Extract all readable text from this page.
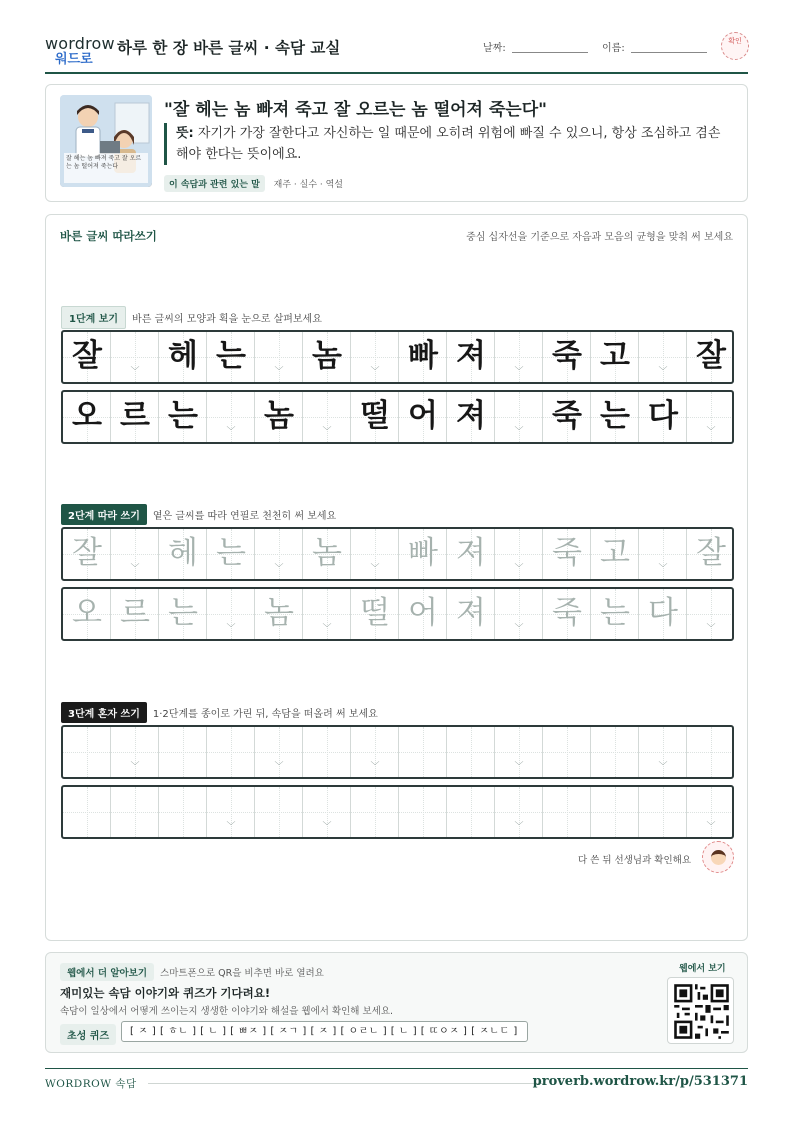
wordrow
워드로
하루 한 장 바른 글씨 · 속담 교실	날짜:	이름:
확인
잘 헤는 놈 빠져 죽고 잘 오르는 놈 떨어져 죽는다
"잘 헤는 놈 빠져 죽고 잘 오르는 놈 떨어져 죽는다"
뜻: 자기가 가장 잘한다고 자신하는 일 때문에 오히려 위험에 빠질 수 있으니, 항상 조심하고 겸손해야 한다는 뜻이에요.
이 속담과 관련 있는 말 재주 · 실수 · 역설
바른 글씨 따라쓰기	중심 십자선을 기준으로 자음과 모음의 균형을 맞춰 써 보세요
1단계 보기 바른 글씨의 모양과 획을 눈으로 살펴보세요
잘	﹀ 헤 는	﹀ 놈	﹀ 빠 져	﹀ 죽 고	﹀ 잘
오 르 는	﹀ 놈	﹀ 떨 어 져	﹀ 죽 는 다	﹀
2단계 따라 쓰기 옅은 글씨를 따라 연필로 천천히 써 보세요
잘	﹀ 헤 는	﹀ 놈	﹀ 빠 져	﹀ 죽 고	﹀ 잘
오 르 는	﹀ 놈	﹀ 떨 어 져	﹀ 죽 는 다	﹀
3단계 혼자 쓰기 1·2단계를 종이로 가린 뒤, 속담을 떠올려 써 보세요
﹀	﹀	﹀	﹀	﹀
﹀	﹀	﹀	﹀
다 쓴 뒤 선생님과 확인해요
웹에서 더 알아보기 스마트폰으로 QR을 비추면 바로 열려요
재미있는 속담 이야기와 퀴즈가 기다려요!
속담이 일상에서 어떻게 쓰이는지 생생한 이야기와 해설을 웹에서 확인해 보세요.
초성 퀴즈	[ ㅈ ] [ ㅎㄴ ] [ ㄴ ] [ ㅃㅈ ] [ ㅈㄱ ] [ ㅈ ] [ ㅇㄹㄴ ] [ ㄴ ] [ ㄸㅇㅈ ] [ ㅈㄴㄷ ]
웹에서 보기
WORDROW 속담	proverb.wordrow.kr/p/531371
